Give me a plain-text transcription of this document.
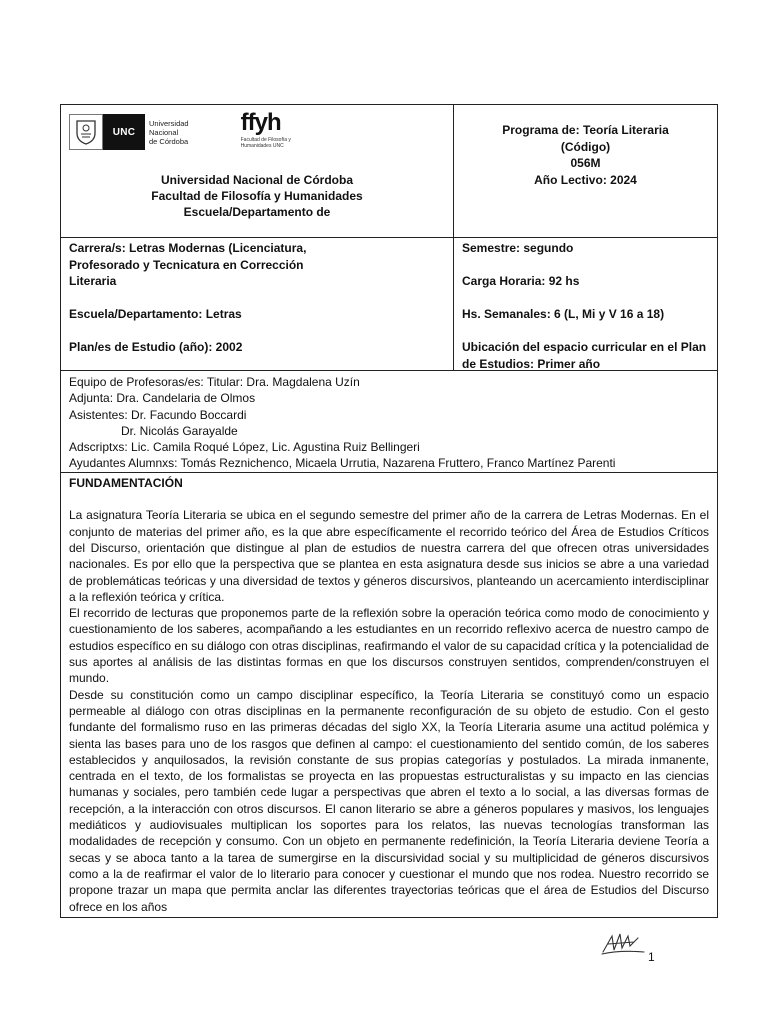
UNC
Universidad
Nacional
de Córdoba
ffyh
Facultad de Filosofía y Humanidades UNC
Universidad Nacional de Córdoba
Facultad de Filosofía y Humanidades
Escuela/Departamento de
Programa de: Teoría Literaria
(Código)
056M
Año Lectivo: 2024
Carrera/s: Letras Modernas (Licenciatura,
Profesorado y Tecnicatura en Corrección
Literaria
Escuela/Departamento: Letras
Plan/es de Estudio (año): 2002
Semestre: segundo
Carga Horaria: 92 hs
Hs. Semanales: 6 (L, Mi y V 16 a 18)
Ubicación del espacio curricular en el Plan
de Estudios: Primer año
Equipo de Profesoras/es: Titular: Dra. Magdalena Uzín
Adjunta: Dra. Candelaria de Olmos
Asistentes: Dr. Facundo Boccardi
Dr. Nicolás Garayalde
Adscriptxs: Lic. Camila Roqué López, Lic. Agustina Ruiz Bellingeri
Ayudantes Alumnxs: Tomás Reznichenco, Micaela Urrutia, Nazarena Fruttero, Franco Martínez Parenti
FUNDAMENTACIÓN

La asignatura Teoría Literaria se ubica en el segundo semestre del primer año de la carrera de Letras Modernas. En el conjunto de materias del primer año, es la que abre específicamente el recorrido teórico del Área de Estudios Críticos del Discurso, orientación que distingue al plan de estudios de nuestra carrera del que ofrecen otras universidades nacionales. Es por ello que la perspectiva que se plantea en esta asignatura desde sus inicios se abre a una variedad de problemáticas teóricas y una diversidad de textos y géneros discursivos, planteando un acercamiento interdisciplinar a la reflexión teórica y crítica.

El recorrido de lecturas que proponemos parte de la reflexión sobre la operación teórica como modo de conocimiento y cuestionamiento de los saberes, acompañando a les estudiantes en un recorrido reflexivo acerca de nuestro campo de estudios específico en su diálogo con otras disciplinas, reafirmando el valor de su capacidad crítica y la potencialidad de sus aportes al análisis de las distintas formas en que los discursos construyen sentidos, comprenden/construyen el mundo.

Desde su constitución como un campo disciplinar específico, la Teoría Literaria se constituyó como un espacio permeable al diálogo con otras disciplinas en la permanente reconfiguración de su objeto de estudio. Con el gesto fundante del formalismo ruso en las primeras décadas del siglo XX, la Teoría Literaria asume una actitud polémica y sienta las bases para uno de los rasgos que definen al campo: el cuestionamiento del sentido común, de los saberes establecidos y anquilosados, la revisión constante de sus propias categorías y postulados. La mirada inmanente, centrada en el texto, de los formalistas se proyecta en las propuestas estructuralistas y su impacto en las ciencias humanas y sociales, pero también cede lugar a perspectivas que abren el texto a lo social, a las diversas formas de recepción, a la interacción con otros discursos. El canon literario se abre a géneros populares y masivos, los lenguajes mediáticos y audiovisuales multiplican los soportes para los relatos, las nuevas tecnologías transforman las modalidades de recepción y consumo. Con un objeto en permanente redefinición, la Teoría Literaria deviene Teoría a secas y se aboca tanto a la tarea de sumergirse en la discursividad social y su multiplicidad de géneros discursivos como a la de reafirmar el valor de lo literario para conocer y cuestionar el mundo que nos rodea. Nuestro recorrido se propone trazar un mapa que permita anclar las diferentes trayectorias teóricas que el área de Estudios del Discurso ofrece en los años

1
